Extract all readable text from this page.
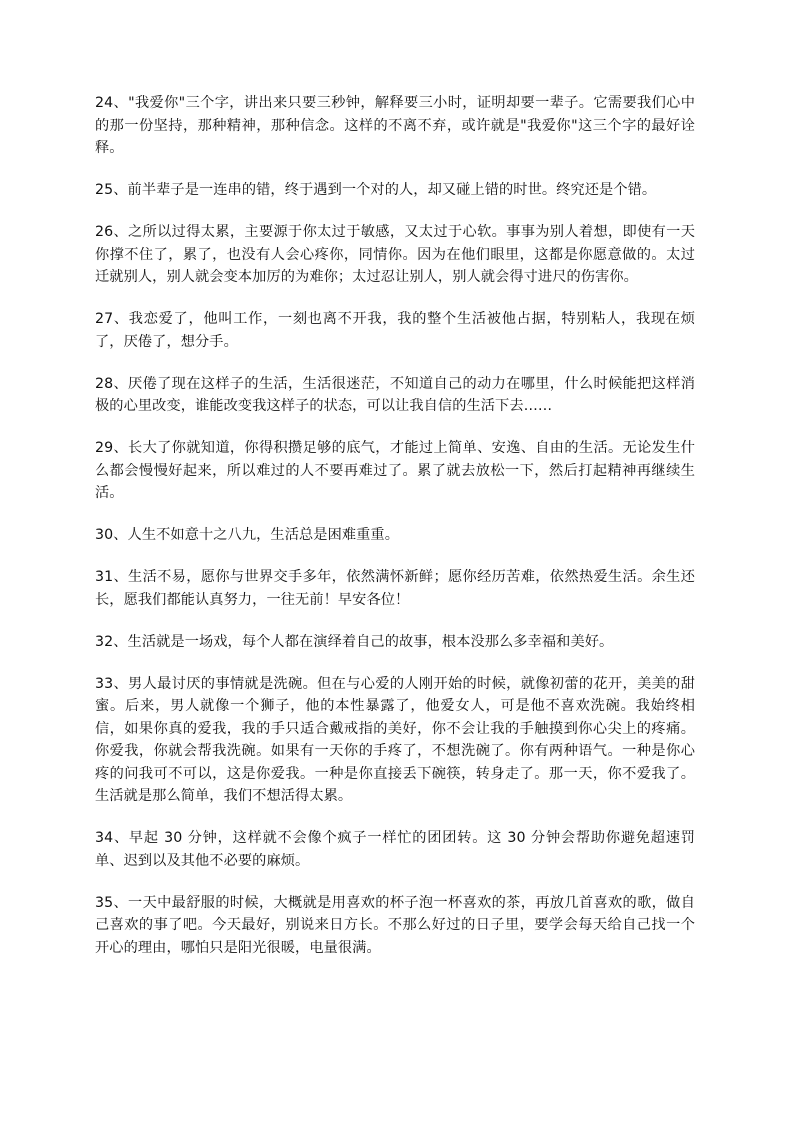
24、"我爱你"三个字，讲出来只要三秒钟，解释要三小时，证明却要一辈子。它需要我们心中的那一份坚持，那种精神，那种信念。这样的不离不弃，或许就是"我爱你"这三个字的最好诠释。

25、前半辈子是一连串的错，终于遇到一个对的人，却又碰上错的时世。终究还是个错。

26、之所以过得太累，主要源于你太过于敏感，又太过于心软。事事为别人着想，即使有一天你撑不住了，累了，也没有人会心疼你，同情你。因为在他们眼里，这都是你愿意做的。太过迁就别人，别人就会变本加厉的为难你；太过忍让别人，别人就会得寸进尺的伤害你。

27、我恋爱了，他叫工作，一刻也离不开我，我的整个生活被他占据，特别粘人，我现在烦了，厌倦了，想分手。

28、厌倦了现在这样子的生活，生活很迷茫，不知道自己的动力在哪里，什么时候能把这样消极的心里改变，谁能改变我这样子的状态，可以让我自信的生活下去……

29、长大了你就知道，你得积攒足够的底气，才能过上简单、安逸、自由的生活。无论发生什么都会慢慢好起来，所以难过的人不要再难过了。累了就去放松一下，然后打起精神再继续生活。

30、人生不如意十之八九，生活总是困难重重。

31、生活不易，愿你与世界交手多年，依然满怀新鲜；愿你经历苦难，依然热爱生活。余生还长，愿我们都能认真努力，一往无前！早安各位！

32、生活就是一场戏，每个人都在演绎着自己的故事，根本没那么多幸福和美好。

33、男人最讨厌的事情就是洗碗。但在与心爱的人刚开始的时候，就像初蕾的花开，美美的甜蜜。后来，男人就像一个狮子，他的本性暴露了，他爱女人，可是他不喜欢洗碗。我始终相信，如果你真的爱我，我的手只适合戴戒指的美好，你不会让我的手触摸到你心尖上的疼痛。你爱我，你就会帮我洗碗。如果有一天你的手疼了，不想洗碗了。你有两种语气。一种是你心疼的问我可不可以，这是你爱我。一种是你直接丢下碗筷，转身走了。那一天，你不爱我了。生活就是那么简单，我们不想活得太累。

34、早起 30 分钟，这样就不会像个疯子一样忙的团团转。这 30 分钟会帮助你避免超速罚单、迟到以及其他不必要的麻烦。

35、一天中最舒服的时候，大概就是用喜欢的杯子泡一杯喜欢的茶，再放几首喜欢的歌，做自己喜欢的事了吧。今天最好，别说来日方长。不那么好过的日子里，要学会每天给自己找一个开心的理由，哪怕只是阳光很暖，电量很满。
